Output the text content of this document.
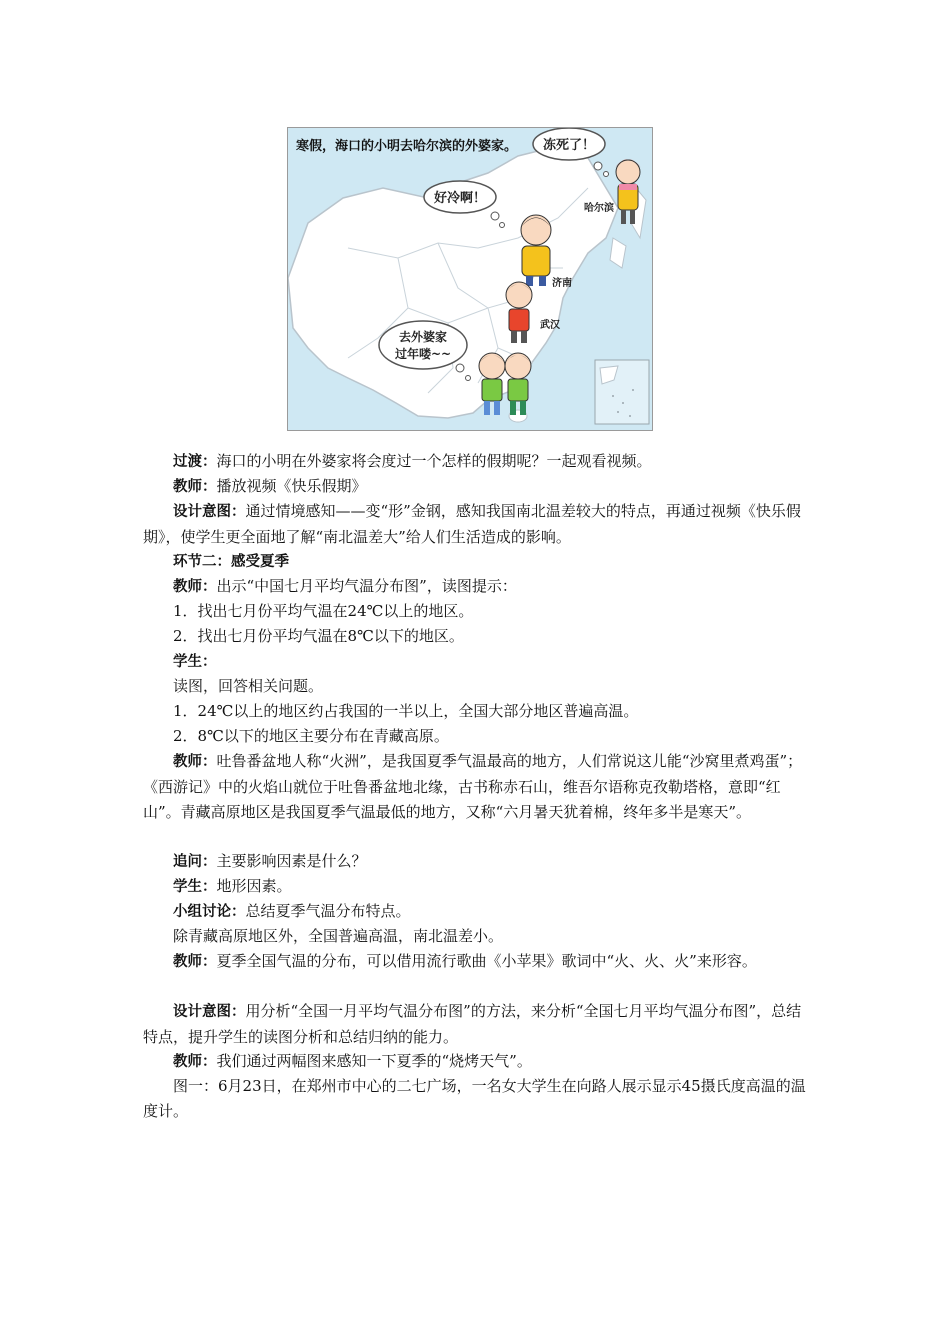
冻死了！
好冷啊！
去外婆家
过年喽~~
哈尔滨
济南
武汉
寒假，海口的小明去哈尔滨的外婆家。
过渡：海口的小明在外婆家将会度过一个怎样的假期呢？一起观看视频。
教师：播放视频《快乐假期》
设计意图：通过情境感知——变“形”金钢，感知我国南北温差较大的特点，再通过视频《快乐假期》，使学生更全面地了解“南北温差大”给人们生活造成的影响。
环节二：感受夏季
教师：出示“中国七月平均气温分布图”，读图提示：
1．找出七月份平均气温在24℃以上的地区。
2．找出七月份平均气温在8℃以下的地区。
学生：
读图，回答相关问题。
1．24℃以上的地区约占我国的一半以上，全国大部分地区普遍高温。
2．8℃以下的地区主要分布在青藏高原。
教师：吐鲁番盆地人称“火洲”，是我国夏季气温最高的地方，人们常说这儿能“沙窝里煮鸡蛋”；《西游记》中的火焰山就位于吐鲁番盆地北缘，古书称赤石山，维吾尔语称克孜勒塔格，意即“红山”。青藏高原地区是我国夏季气温最低的地方，又称“六月暑天犹着棉，终年多半是寒天”。
追问：主要影响因素是什么？
学生：地形因素。
小组讨论：总结夏季气温分布特点。
除青藏高原地区外，全国普遍高温，南北温差小。
教师：夏季全国气温的分布，可以借用流行歌曲《小苹果》歌词中“火、火、火”来形容。
设计意图：用分析“全国一月平均气温分布图”的方法，来分析“全国七月平均气温分布图”，总结特点，提升学生的读图分析和总结归纳的能力。
教师：我们通过两幅图来感知一下夏季的“烧烤天气”。
图一：6月23日，在郑州市中心的二七广场，一名女大学生在向路人展示显示45摄氏度高温的温度计。
